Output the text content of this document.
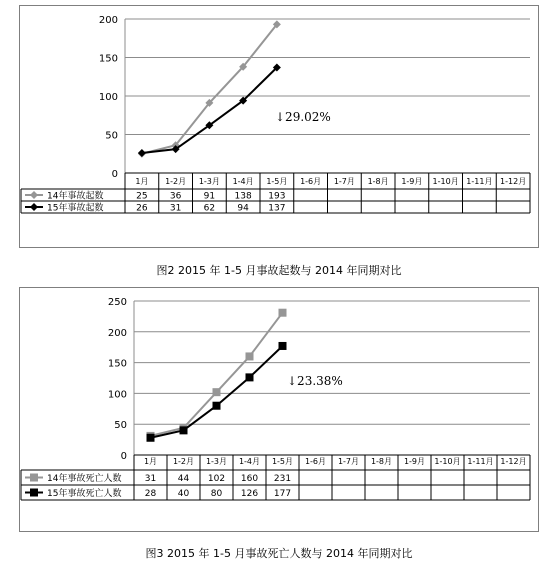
0
50
100
150
200
1月 1-2月 1-3月 1-4月 1-5月 1-6月 1-7月 1-8月 1-9月 1-10月 1-11月 1-12月
14年事故起数	25 36 91 138 193
15年事故起数	26 31 62 94 137
↓29.02%
图2 2015 年 1-5 月事故起数与 2014 年同期对比
0
50
100
150
200
250
1月 1-2月 1-3月 1-4月 1-5月 1-6月 1-7月 1-8月 1-9月 1-10月 1-11月 1-12月
14年事故死亡人数	31 44 102 160 231
15年事故死亡人数	28 40 80 126 177
↓23.38%
图3 2015 年 1-5 月事故死亡人数与 2014 年同期对比
